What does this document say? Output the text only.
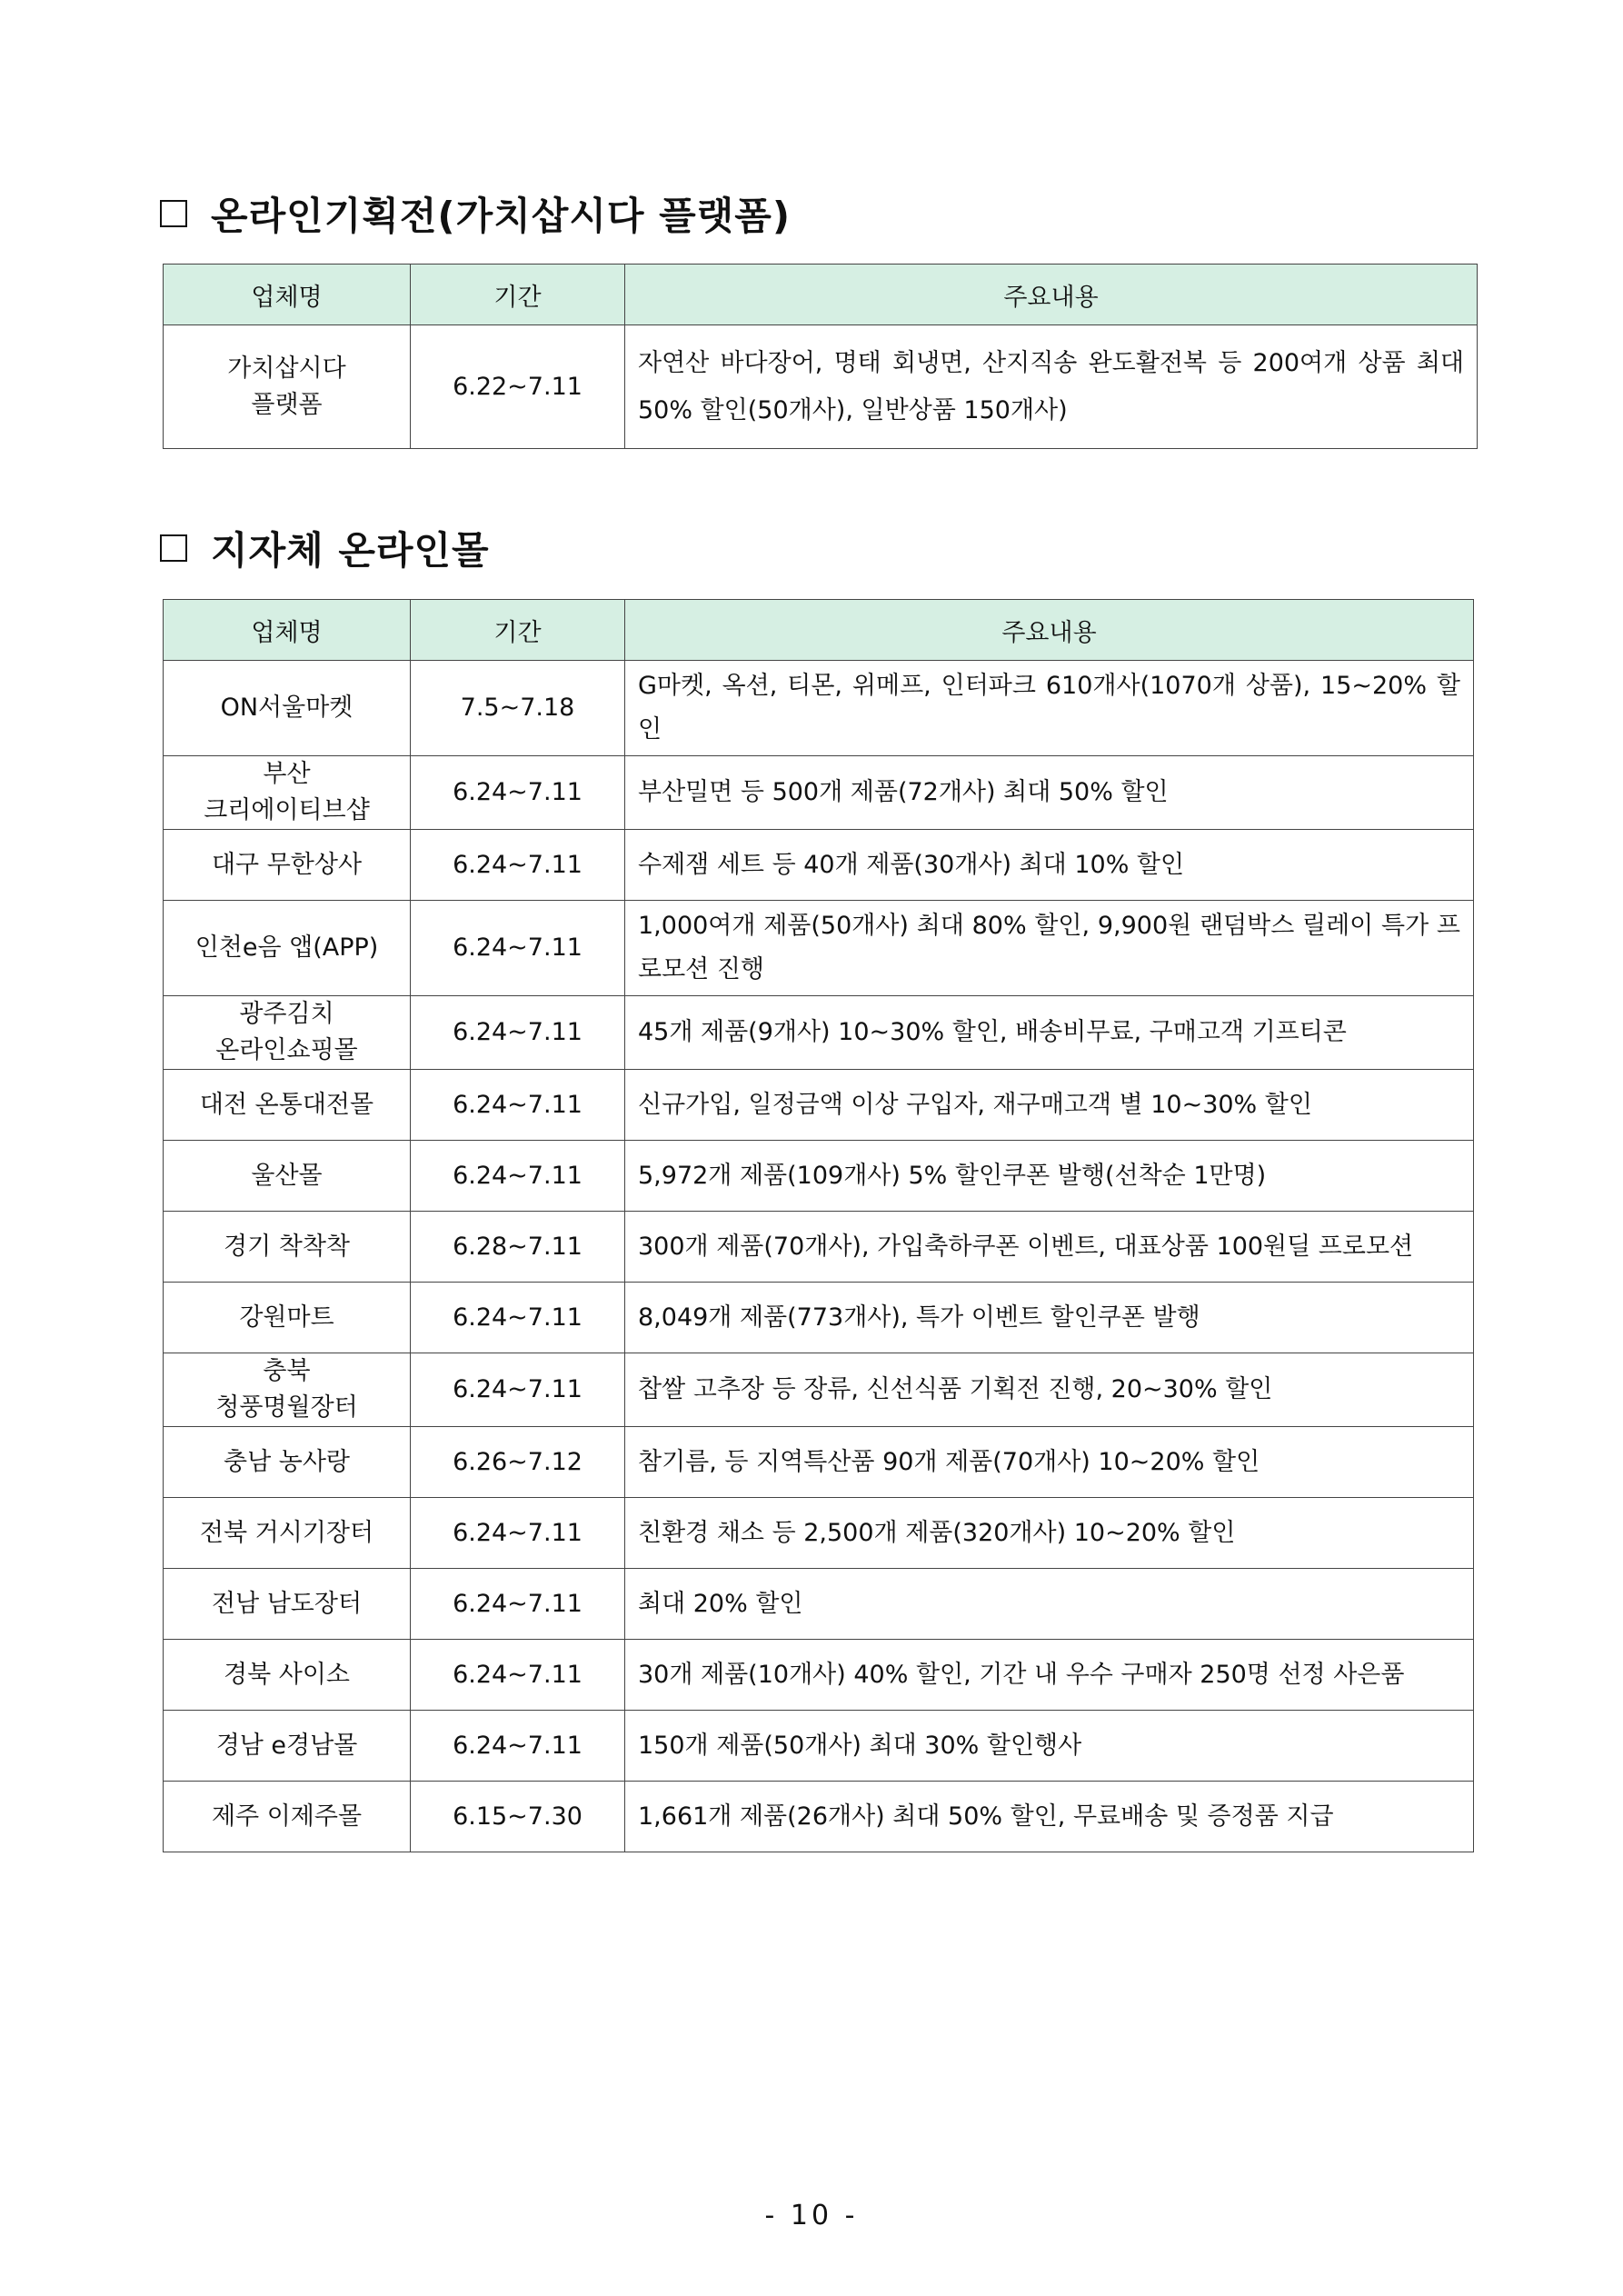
온라인기획전(가치삽시다 플랫폼)
업체명	기간	주요내용

가치삽시다
플랫폼	6.22~7.11	자연산 바다장어, 명태 회냉면, 산지직송 완도활전복 등 200여개 상품 최대 50% 할인(50개사), 일반상품 150개사)
지자체 온라인몰
업체명	기간	주요내용

ON서울마켓	7.5~7.18	G마켓, 옥션, 티몬, 위메프, 인터파크 610개사(1070개 상품), 15~20% 할인

부산
크리에이티브샵	6.24~7.11	부산밀면 등 500개 제품(72개사) 최대 50% 할인

대구 무한상사	6.24~7.11	수제잼 세트 등 40개 제품(30개사) 최대 10% 할인

인천e음 앱(APP)	6.24~7.11	1,000여개 제품(50개사) 최대 80% 할인, 9,900원 랜덤박스 릴레이 특가 프로모션 진행

광주김치
온라인쇼핑몰	6.24~7.11	45개 제품(9개사) 10~30% 할인, 배송비무료, 구매고객 기프티콘

대전 온통대전몰	6.24~7.11	신규가입, 일정금액 이상 구입자, 재구매고객 별 10~30% 할인

울산몰	6.24~7.11	5,972개 제품(109개사) 5% 할인쿠폰 발행(선착순 1만명)

경기 착착착	6.28~7.11	300개 제품(70개사), 가입축하쿠폰 이벤트, 대표상품 100원딜 프로모션

강원마트	6.24~7.11	8,049개 제품(773개사), 특가 이벤트 할인쿠폰 발행

충북
청풍명월장터	6.24~7.11	찹쌀 고추장 등 장류, 신선식품 기획전 진행, 20~30% 할인

충남 농사랑	6.26~7.12	참기름, 등 지역특산품 90개 제품(70개사) 10~20% 할인

전북 거시기장터	6.24~7.11	친환경 채소 등 2,500개 제품(320개사) 10~20% 할인

전남 남도장터	6.24~7.11	최대 20% 할인

경북 사이소	6.24~7.11	30개 제품(10개사) 40% 할인, 기간 내 우수 구매자 250명 선정 사은품

경남 e경남몰	6.24~7.11	150개 제품(50개사) 최대 30% 할인행사

제주 이제주몰	6.15~7.30	1,661개 제품(26개사) 최대 50% 할인, 무료배송 및 증정품 지급
- 10 -
